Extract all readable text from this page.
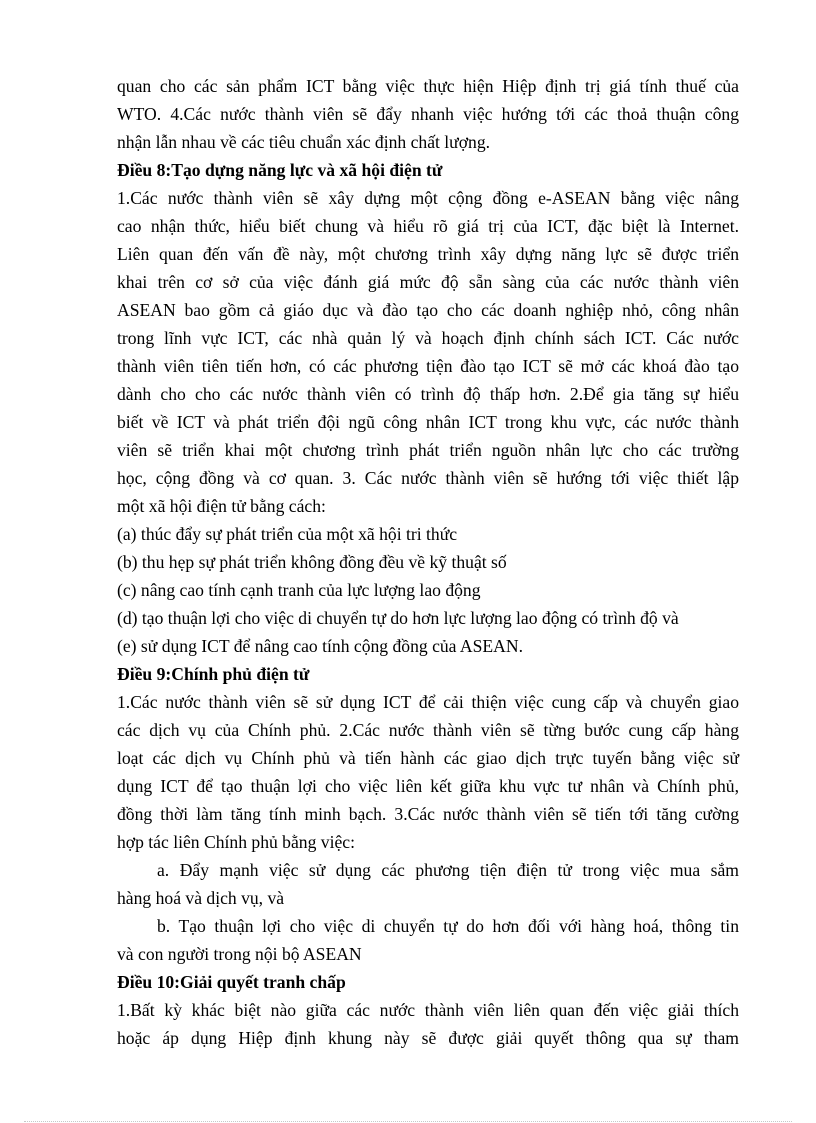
quan cho các sản phẩm ICT bằng việc thực hiện Hiệp định trị giá tính thuế của
WTO. 4.Các nước thành viên sẽ đẩy nhanh việc hướng tới các thoả thuận công
nhận lẫn nhau về các tiêu chuẩn xác định chất lượng.
Điều 8:Tạo dựng năng lực và xã hội điện tử
1.Các nước thành viên sẽ xây dựng một cộng đồng e-ASEAN bằng việc nâng
cao nhận thức, hiểu biết chung và hiểu rõ giá trị của ICT, đặc biệt là Internet.
Liên quan đến vấn đề này, một chương trình xây dựng năng lực sẽ được triển
khai trên cơ sở của việc đánh giá mức độ sẵn sàng của các nước thành viên
ASEAN bao gồm cả giáo dục và đào tạo cho các doanh nghiệp nhỏ, công nhân
trong lĩnh vực ICT, các nhà quản lý và hoạch định chính sách ICT. Các nước
thành viên tiên tiến hơn, có các phương tiện đào tạo ICT sẽ mở các khoá đào tạo
dành cho cho các nước thành viên có trình độ thấp hơn. 2.Để gia tăng sự hiểu
biết về ICT và phát triển đội ngũ công nhân ICT trong khu vực, các nước thành
viên sẽ triển khai một chương trình phát triển nguồn nhân lực cho các trường
học, cộng đồng và cơ quan. 3. Các nước thành viên sẽ hướng tới việc thiết lập
một xã hội điện tử bằng cách:
(a) thúc đẩy sự phát triển của một xã hội tri thức
(b) thu hẹp sự phát triển không đồng đều về kỹ thuật số
(c) nâng cao tính cạnh tranh của lực lượng lao động
(d) tạo thuận lợi cho việc di chuyển tự do hơn lực lượng lao động có trình độ và
(e) sử dụng ICT để nâng cao tính cộng đồng của ASEAN.
Điều 9:Chính phủ điện tử
1.Các nước thành viên sẽ sử dụng ICT để cải thiện việc cung cấp và chuyển giao
các dịch vụ của Chính phủ. 2.Các nước thành viên sẽ từng bước cung cấp hàng
loạt các dịch vụ Chính phủ và tiến hành các giao dịch trực tuyến bằng việc sử
dụng ICT để tạo thuận lợi cho việc liên kết giữa khu vực tư nhân và Chính phủ,
đồng thời làm tăng tính minh bạch. 3.Các nước thành viên sẽ tiến tới tăng cường
hợp tác liên Chính phủ bằng việc:
a. Đẩy mạnh việc sử dụng các phương tiện điện tử trong việc mua sắm
hàng hoá và dịch vụ, và
b. Tạo thuận lợi cho việc di chuyển tự do hơn đối với hàng hoá, thông tin
và con người trong nội bộ ASEAN
Điều 10:Giải quyết tranh chấp
1.Bất kỳ khác biệt nào giữa các nước thành viên liên quan đến việc giải thích
hoặc áp dụng Hiệp định khung này sẽ được giải quyết thông qua sự tham
